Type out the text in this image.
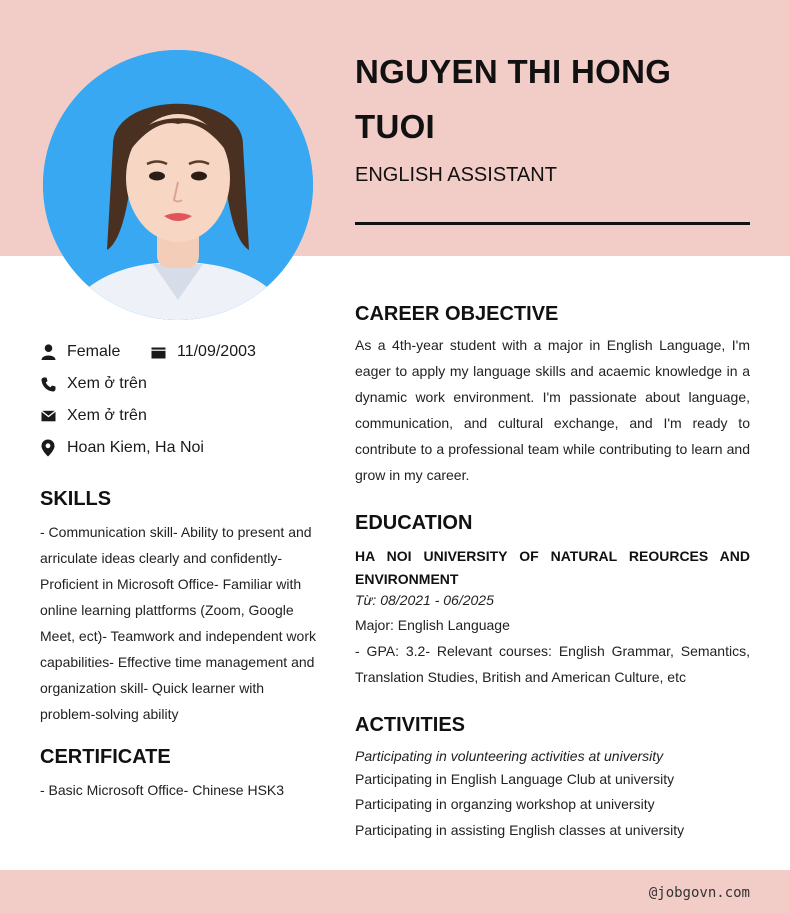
NGUYEN THI HONG TUOI
ENGLISH ASSISTANT
Female	11/09/2003
Xem ở trên
Xem ở trên
Hoan Kiem, Ha Noi
SKILLS
- Communication skill- Ability to present and arriculate ideas clearly and confidently- Proficient in Microsoft Office- Familiar with online learning plattforms (Zoom, Google Meet, ect)- Teamwork and independent work capabilities- Effective time management and organization skill- Quick learner with problem-solving ability
CERTIFICATE
- Basic Microsoft Office- Chinese HSK3
CAREER OBJECTIVE
As a 4th-year student with a major in English Language, I'm eager to apply my language skills and acaemic knowledge in a dynamic work environment. I'm passionate about language, communication, and cultural exchange, and I'm ready to contribute to a professional team while contributing to learn and grow in my career.
EDUCATION
HA NOI UNIVERSITY OF NATURAL REOURCES AND ENVIRONMENT
Từ: 08/2021 - 06/2025
Major: English Language
- GPA: 3.2- Relevant courses: English Grammar, Semantics, Translation Studies, British and American Culture, etc
ACTIVITIES
Participating in volunteering activities at university
Participating in English Language Club at university
Participating in organzing workshop at university
Participating in assisting English classes at university
@jobgovn.com
